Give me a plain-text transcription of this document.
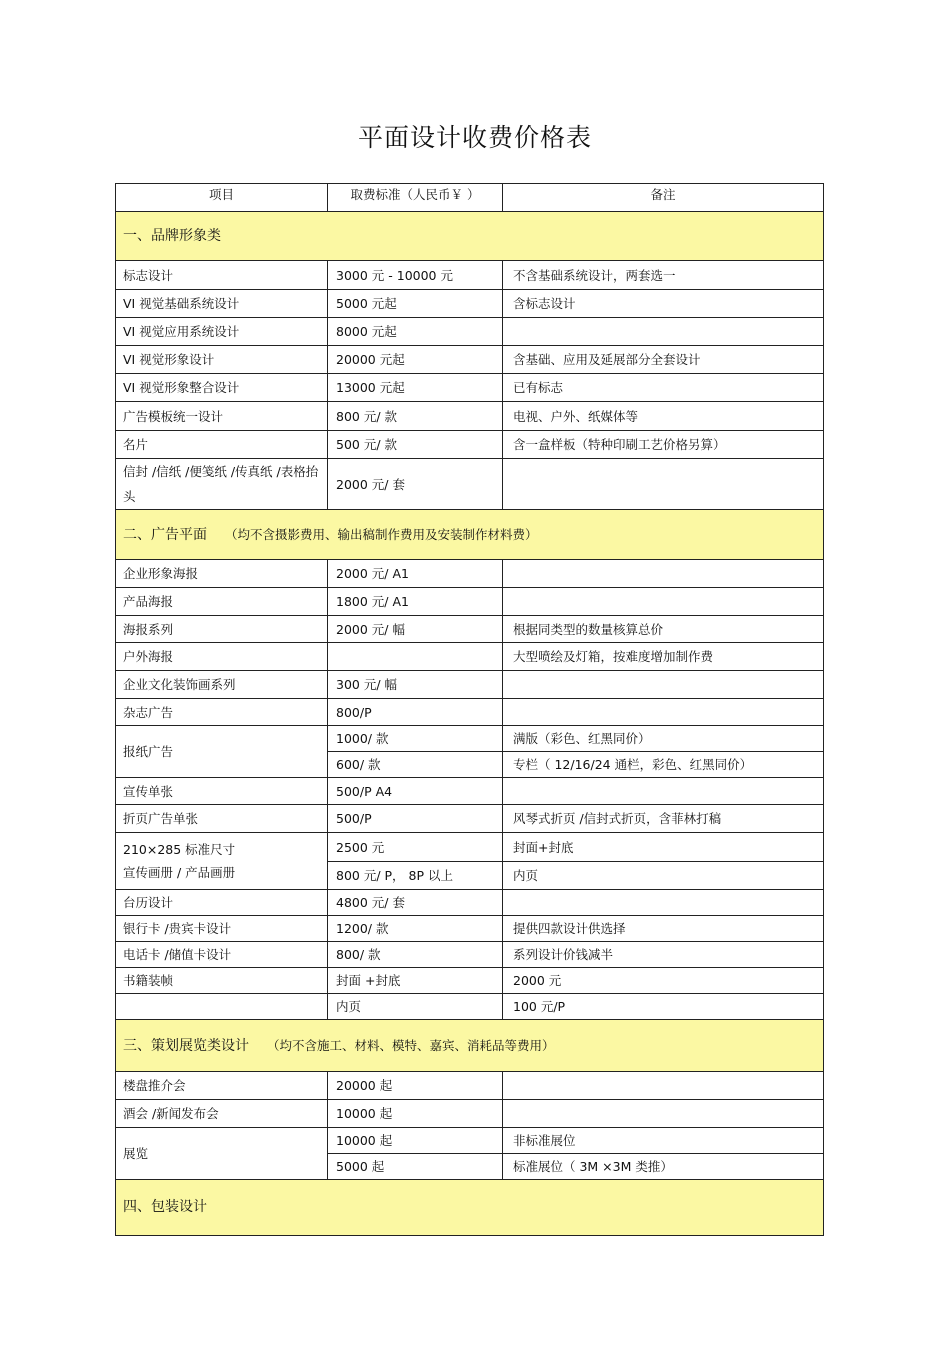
平面设计收费价格表
项目	取费标准（人民币￥ ）	备注
一、品牌形象类		
标志设计	3000 元 - 10000 元	不含基础系统设计，两套选一
VI 视觉基础系统设计	5000 元起	含标志设计
VI 视觉应用系统设计	8000 元起	
VI 视觉形象设计	20000 元起	含基础、应用及延展部分全套设计
VI 视觉形象整合设计	13000 元起	已有标志
广告模板统一设计	800 元/ 款	电视、户外、纸媒体等
名片	500 元/ 款	含一盒样板（特种印刷工艺价格另算）
信封 /信纸 /便笺纸 /传真纸 /表格抬头	2000 元/ 套	
二、广告平面 （均不含摄影费用、输出稿制作费用及安装制作材料费）		
企业形象海报	2000 元/ A1	
产品海报	1800 元/ A1	
海报系列	2000 元/ 幅	根据同类型的数量核算总价
户外海报		大型喷绘及灯箱，按难度增加制作费
企业文化装饰画系列	300 元/ 幅	
杂志广告	800/P	
报纸广告	1000/ 款	满版（彩色、红黑同价）
	600/ 款	专栏（ 12/16/24 通栏，彩色、红黑同价）
宣传单张	500/P A4	
折页广告单张	500/P	风琴式折页 /信封式折页，含菲林打稿

210×285 标准尺寸
宣传画册 / 产品画册	2500 元	封面+封底
	800 元/ P， 8P 以上	内页
台历设计	4800 元/ 套	
银行卡 /贵宾卡设计	1200/ 款	提供四款设计供选择
电话卡 /储值卡设计	800/ 款	系列设计价钱减半
书籍装帧	封面 +封底	2000 元
	内页	100 元/P
三、策划展览类设计 （均不含施工、材料、模特、嘉宾、消耗品等费用）		
楼盘推介会	20000 起	
酒会 /新闻发布会	10000 起	
展览	10000 起	非标准展位
	5000 起	标准展位（ 3M ×3M 类推）
四、包装设计		
